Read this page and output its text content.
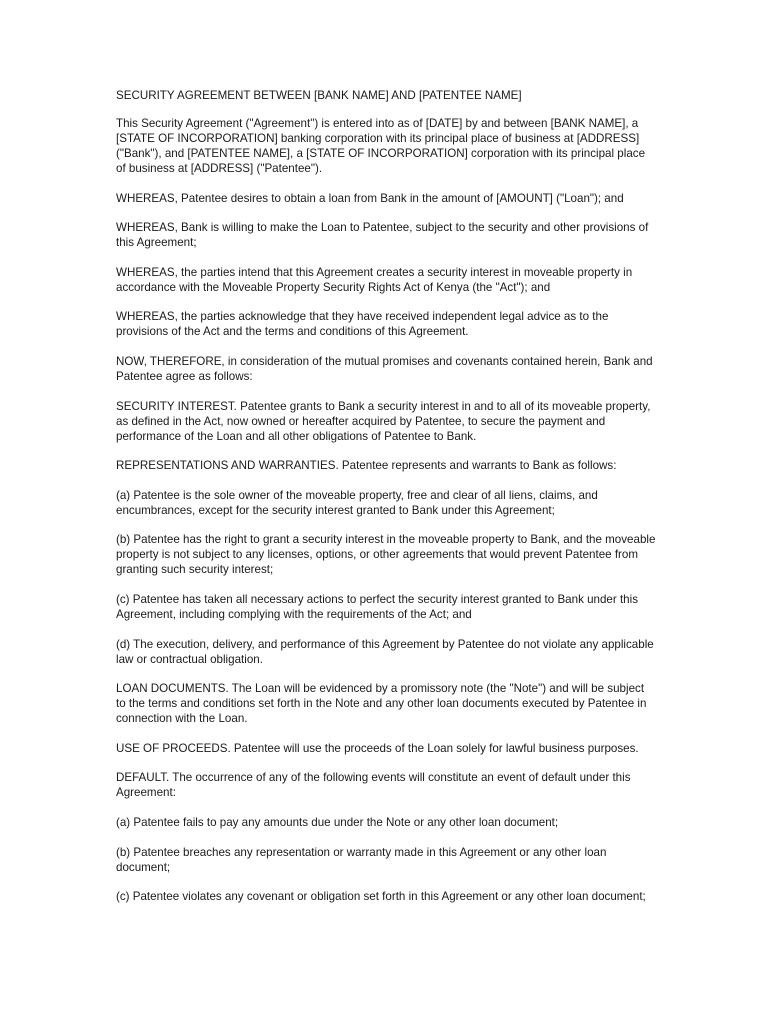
SECURITY AGREEMENT BETWEEN [BANK NAME] AND [PATENTEE NAME]

This Security Agreement ("Agreement") is entered into as of [DATE] by and between [BANK NAME], a [STATE OF INCORPORATION] banking corporation with its principal place of business at [ADDRESS] ("Bank"), and [PATENTEE NAME], a [STATE OF INCORPORATION] corporation with its principal place of business at [ADDRESS] ("Patentee").

WHEREAS, Patentee desires to obtain a loan from Bank in the amount of [AMOUNT] ("Loan"); and

WHEREAS, Bank is willing to make the Loan to Patentee, subject to the security and other provisions of this Agreement;

WHEREAS, the parties intend that this Agreement creates a security interest in moveable property in accordance with the Moveable Property Security Rights Act of Kenya (the "Act"); and

WHEREAS, the parties acknowledge that they have received independent legal advice as to the provisions of the Act and the terms and conditions of this Agreement.

NOW, THEREFORE, in consideration of the mutual promises and covenants contained herein, Bank and Patentee agree as follows:

SECURITY INTEREST. Patentee grants to Bank a security interest in and to all of its moveable property, as defined in the Act, now owned or hereafter acquired by Patentee, to secure the payment and performance of the Loan and all other obligations of Patentee to Bank.

REPRESENTATIONS AND WARRANTIES. Patentee represents and warrants to Bank as follows:

(a) Patentee is the sole owner of the moveable property, free and clear of all liens, claims, and encumbrances, except for the security interest granted to Bank under this Agreement;

(b) Patentee has the right to grant a security interest in the moveable property to Bank, and the moveable property is not subject to any licenses, options, or other agreements that would prevent Patentee from granting such security interest;

(c) Patentee has taken all necessary actions to perfect the security interest granted to Bank under this Agreement, including complying with the requirements of the Act; and

(d) The execution, delivery, and performance of this Agreement by Patentee do not violate any applicable law or contractual obligation.

LOAN DOCUMENTS. The Loan will be evidenced by a promissory note (the "Note") and will be subject to the terms and conditions set forth in the Note and any other loan documents executed by Patentee in connection with the Loan.

USE OF PROCEEDS. Patentee will use the proceeds of the Loan solely for lawful business purposes.

DEFAULT. The occurrence of any of the following events will constitute an event of default under this Agreement:

(a) Patentee fails to pay any amounts due under the Note or any other loan document;

(b) Patentee breaches any representation or warranty made in this Agreement or any other loan document;

(c) Patentee violates any covenant or obligation set forth in this Agreement or any other loan document;
